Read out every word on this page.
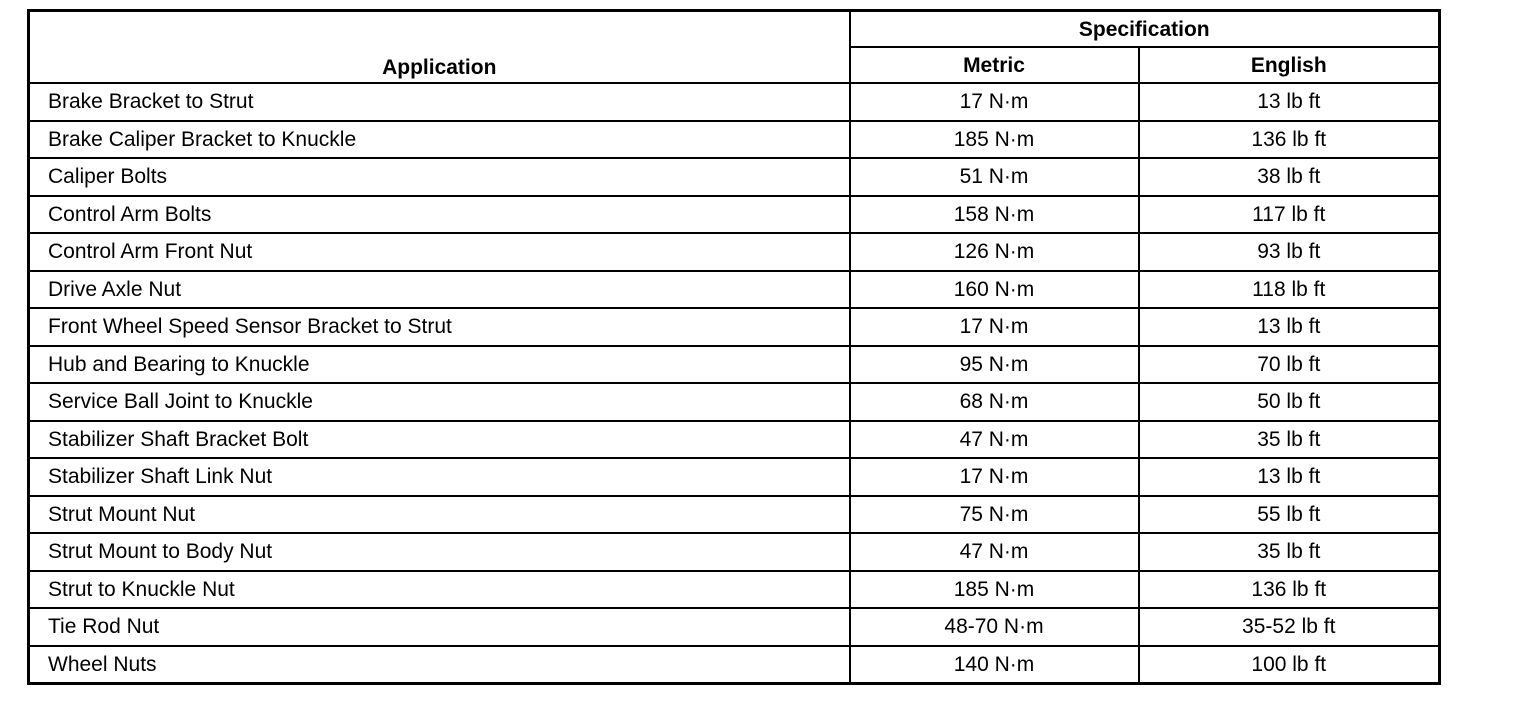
Application	Specification	
	Metric	English
Brake Bracket to Strut	17 N·m	13 lb ft
Brake Caliper Bracket to Knuckle	185 N·m	136 lb ft
Caliper Bolts	51 N·m	38 lb ft
Control Arm Bolts	158 N·m	117 lb ft
Control Arm Front Nut	126 N·m	93 lb ft
Drive Axle Nut	160 N·m	118 lb ft
Front Wheel Speed Sensor Bracket to Strut	17 N·m	13 lb ft
Hub and Bearing to Knuckle	95 N·m	70 lb ft
Service Ball Joint to Knuckle	68 N·m	50 lb ft
Stabilizer Shaft Bracket Bolt	47 N·m	35 lb ft
Stabilizer Shaft Link Nut	17 N·m	13 lb ft
Strut Mount Nut	75 N·m	55 lb ft
Strut Mount to Body Nut	47 N·m	35 lb ft
Strut to Knuckle Nut	185 N·m	136 lb ft
Tie Rod Nut	48-70 N·m	35-52 lb ft
Wheel Nuts	140 N·m	100 lb ft
